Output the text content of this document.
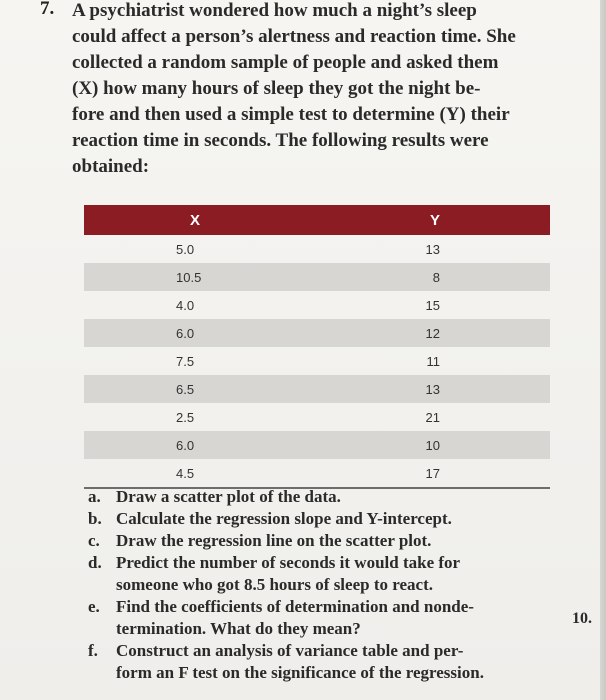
7. A psychiatrist wondered how much a night’s sleep
could affect a person’s alertness and reaction time. She
collected a random sample of people and asked them
(X) how many hours of sleep they got the night be-
fore and then used a simple test to determine (Y) their
reaction time in seconds. The following results were
obtained:
X	Y
5.0	13
10.5	8
4.0	15
6.0	12
7.5	11
6.5	13
2.5	21
6.0	10
4.5	17
a. Draw a scatter plot of the data.
b. Calculate the regression slope and Y-intercept.
c. Draw the regression line on the scatter plot.
d. Predict the number of seconds it would take for
someone who got 8.5 hours of sleep to react.
e. Find the coefficients of determination and nonde-
termination. What do they mean?
f. Construct an analysis of variance table and per-
form an F test on the significance of the regression.
10.
